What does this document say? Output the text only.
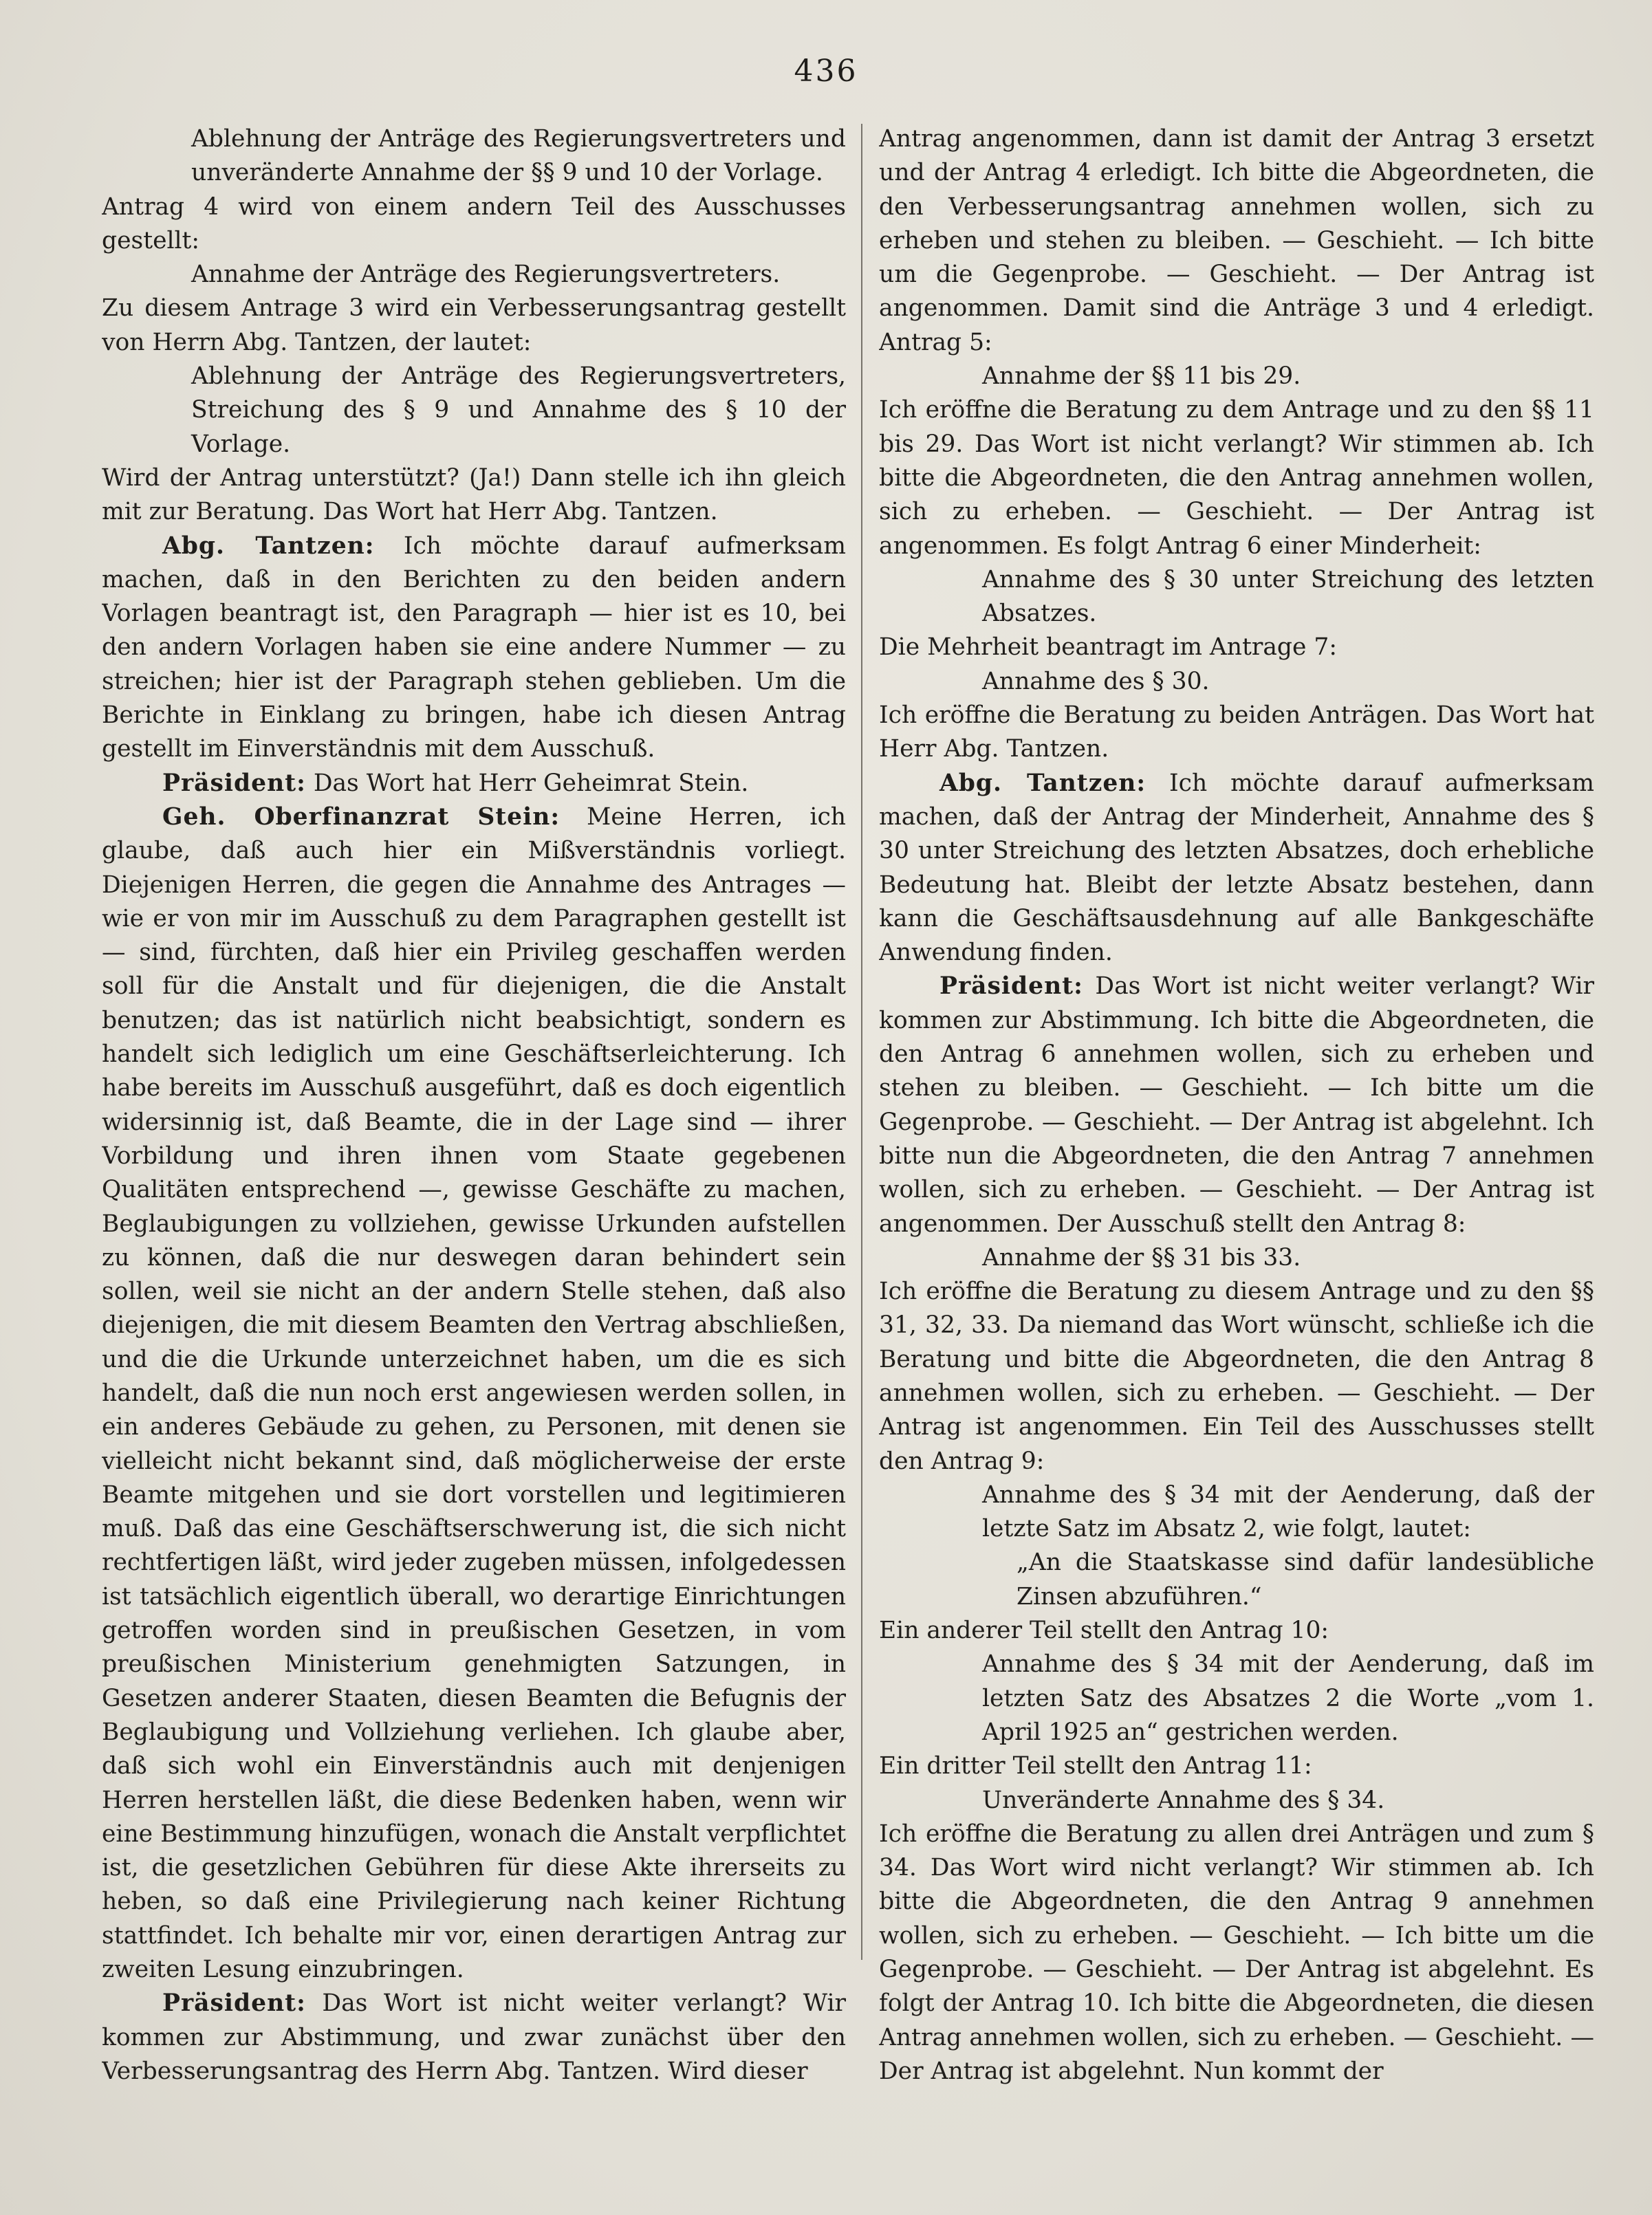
436

Ablehnung der Anträge des Regierungsvertreters und unveränderte Annahme der §§ 9 und 10 der Vorlage.

Antrag 4 wird von einem andern Teil des Ausschusses gestellt:

Annahme der Anträge des Regierungsvertreters.

Zu diesem Antrage 3 wird ein Verbesserungsantrag gestellt von Herrn Abg. Tantzen, der lautet:

Ablehnung der Anträge des Regierungsvertreters, Streichung des § 9 und Annahme des § 10 der Vorlage.

Wird der Antrag unterstützt? (Ja!) Dann stelle ich ihn gleich mit zur Beratung. Das Wort hat Herr Abg. Tantzen.

Abg. Tantzen: Ich möchte darauf aufmerksam machen, daß in den Berichten zu den beiden andern Vorlagen beantragt ist, den Paragraph — hier ist es 10, bei den andern Vorlagen haben sie eine andere Nummer — zu streichen; hier ist der Paragraph stehen geblieben. Um die Berichte in Einklang zu bringen, habe ich diesen Antrag gestellt im Einverständnis mit dem Ausschuß.

Präsident: Das Wort hat Herr Geheimrat Stein.

Geh. Oberfinanzrat Stein: Meine Herren, ich glaube, daß auch hier ein Mißverständnis vorliegt. Diejenigen Herren, die gegen die Annahme des Antrages — wie er von mir im Ausschuß zu dem Paragraphen gestellt ist — sind, fürchten, daß hier ein Privileg geschaffen werden soll für die Anstalt und für diejenigen, die die Anstalt benutzen; das ist natürlich nicht beabsichtigt, sondern es handelt sich lediglich um eine Geschäftserleichterung. Ich habe bereits im Ausschuß ausgeführt, daß es doch eigentlich widersinnig ist, daß Beamte, die in der Lage sind — ihrer Vorbildung und ihren ihnen vom Staate gegebenen Qualitäten entsprechend —, gewisse Geschäfte zu machen, Beglaubigungen zu vollziehen, gewisse Urkunden aufstellen zu können, daß die nur deswegen daran behindert sein sollen, weil sie nicht an der andern Stelle stehen, daß also diejenigen, die mit diesem Beamten den Vertrag abschließen, und die die Urkunde unterzeichnet haben, um die es sich handelt, daß die nun noch erst angewiesen werden sollen, in ein anderes Gebäude zu gehen, zu Personen, mit denen sie vielleicht nicht bekannt sind, daß möglicherweise der erste Beamte mitgehen und sie dort vorstellen und legitimieren muß. Daß das eine Geschäftserschwerung ist, die sich nicht rechtfertigen läßt, wird jeder zugeben müssen, infolgedessen ist tatsächlich eigentlich überall, wo derartige Einrichtungen getroffen worden sind in preußischen Gesetzen, in vom preußischen Ministerium genehmigten Satzungen, in Gesetzen anderer Staaten, diesen Beamten die Befugnis der Beglaubigung und Vollziehung verliehen. Ich glaube aber, daß sich wohl ein Einverständnis auch mit denjenigen Herren herstellen läßt, die diese Bedenken haben, wenn wir eine Bestimmung hinzufügen, wonach die Anstalt verpflichtet ist, die gesetzlichen Gebühren für diese Akte ihrerseits zu heben, so daß eine Privilegierung nach keiner Richtung stattfindet. Ich behalte mir vor, einen derartigen Antrag zur zweiten Lesung einzubringen.

Präsident: Das Wort ist nicht weiter verlangt? Wir kommen zur Abstimmung, und zwar zunächst über den Verbesserungsantrag des Herrn Abg. Tantzen. Wird dieser

Antrag angenommen, dann ist damit der Antrag 3 ersetzt und der Antrag 4 erledigt. Ich bitte die Abgeordneten, die den Verbesserungsantrag annehmen wollen, sich zu erheben und stehen zu bleiben. — Geschieht. — Ich bitte um die Gegenprobe. — Geschieht. — Der Antrag ist angenommen. Damit sind die Anträge 3 und 4 erledigt. Antrag 5:

Annahme der §§ 11 bis 29.

Ich eröffne die Beratung zu dem Antrage und zu den §§ 11 bis 29. Das Wort ist nicht verlangt? Wir stimmen ab. Ich bitte die Abgeordneten, die den Antrag annehmen wollen, sich zu erheben. — Geschieht. — Der Antrag ist angenommen. Es folgt Antrag 6 einer Minderheit:

Annahme des § 30 unter Streichung des letzten Absatzes.

Die Mehrheit beantragt im Antrage 7:

Annahme des § 30.

Ich eröffne die Beratung zu beiden Anträgen. Das Wort hat Herr Abg. Tantzen.

Abg. Tantzen: Ich möchte darauf aufmerksam machen, daß der Antrag der Minderheit, Annahme des § 30 unter Streichung des letzten Absatzes, doch erhebliche Bedeutung hat. Bleibt der letzte Absatz bestehen, dann kann die Geschäftsausdehnung auf alle Bankgeschäfte Anwendung finden.

Präsident: Das Wort ist nicht weiter verlangt? Wir kommen zur Abstimmung. Ich bitte die Abgeordneten, die den Antrag 6 annehmen wollen, sich zu erheben und stehen zu bleiben. — Geschieht. — Ich bitte um die Gegenprobe. — Geschieht. — Der Antrag ist abgelehnt. Ich bitte nun die Abgeordneten, die den Antrag 7 annehmen wollen, sich zu erheben. — Geschieht. — Der Antrag ist angenommen. Der Ausschuß stellt den Antrag 8:

Annahme der §§ 31 bis 33.

Ich eröffne die Beratung zu diesem Antrage und zu den §§ 31, 32, 33. Da niemand das Wort wünscht, schließe ich die Beratung und bitte die Abgeordneten, die den Antrag 8 annehmen wollen, sich zu erheben. — Geschieht. — Der Antrag ist angenommen. Ein Teil des Ausschusses stellt den Antrag 9:

Annahme des § 34 mit der Aenderung, daß der letzte Satz im Absatz 2, wie folgt, lautet:

„An die Staatskasse sind dafür landesübliche Zinsen abzuführen.“

Ein anderer Teil stellt den Antrag 10:

Annahme des § 34 mit der Aenderung, daß im letzten Satz des Absatzes 2 die Worte „vom 1. April 1925 an“ gestrichen werden.

Ein dritter Teil stellt den Antrag 11:

Unveränderte Annahme des § 34.

Ich eröffne die Beratung zu allen drei Anträgen und zum § 34. Das Wort wird nicht verlangt? Wir stimmen ab. Ich bitte die Abgeordneten, die den Antrag 9 annehmen wollen, sich zu erheben. — Geschieht. — Ich bitte um die Gegenprobe. — Geschieht. — Der Antrag ist abgelehnt. Es folgt der Antrag 10. Ich bitte die Abgeordneten, die diesen Antrag annehmen wollen, sich zu erheben. — Geschieht. — Der Antrag ist abgelehnt. Nun kommt der
